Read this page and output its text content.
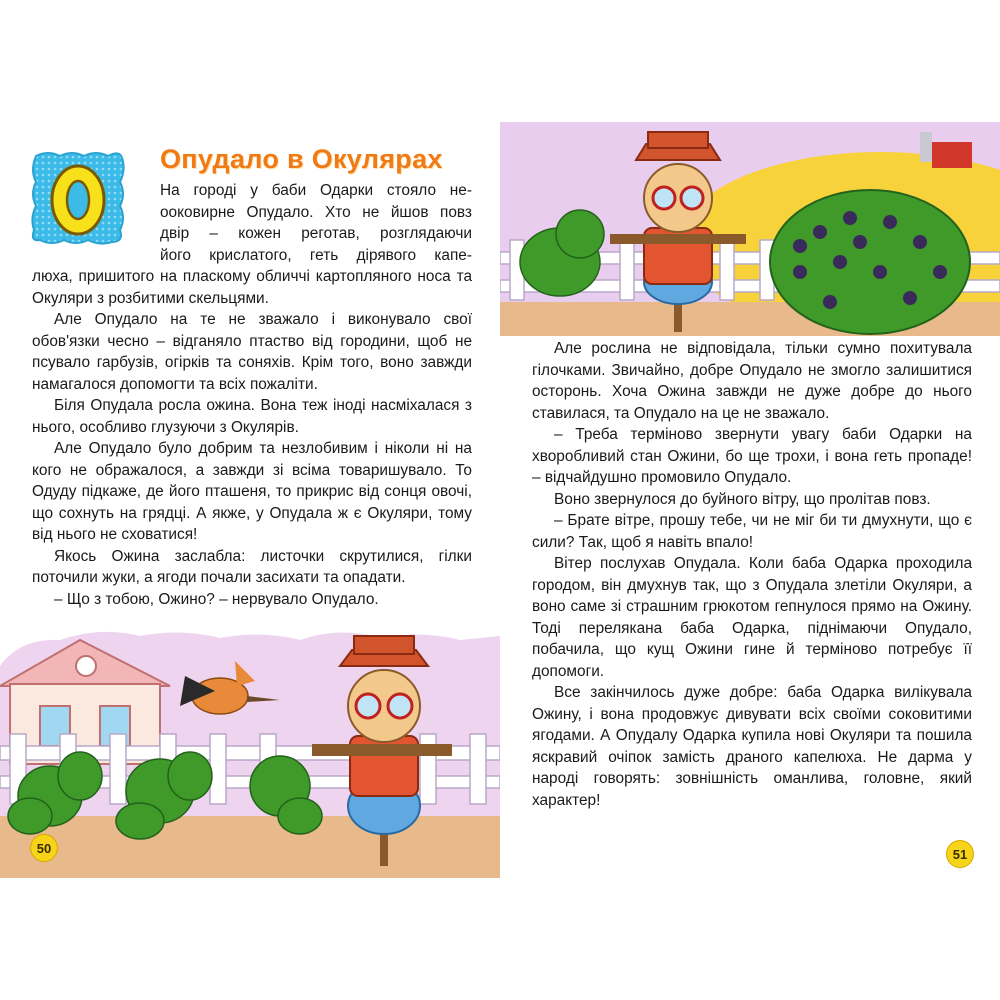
О	Опудало в Окулярах
На городі у баби Одарки стояло не-
ооковирне Опудало. Хто не йшов повз
двір – кожен реготав, розглядаючи
його крислатого, геть дірявого капе-

люха, пришитого на пласкому обличчі картопляного носа та Окуляри з розбитими скельцями.

Але Опудало на те не зважало і виконувало свої обов'язки чесно – відганяло птаство від городини, щоб не псувало гарбузів, огірків та соняхів. Крім того, воно завжди намагалося допомогти та всіх пожаліти.

Біля Опудала росла ожина. Вона теж іноді насміхалася з нього, особливо глузуючи з Окулярів.

Але Опудало було добрим та незлобивим і ніколи ні на кого не ображалося, а завжди зі всіма товаришувало. То Одуду підкаже, де його пташеня, то прикрис від сонця овочі, що сохнуть на грядці. А якже, у Опудала ж є Окуляри, тому від нього не сховатися!

Якось Ожина заслабла: листочки скрутилися, гілки поточили жуки, а ягоди почали засихати та опадати.

– Що з тобою, Ожино? – нервувало Опудало.

50

Але рослина не відповідала, тільки сумно похитувала гілочками. Звичайно, добре Опудало не змогло залишитися осторонь. Хоча Ожина завжди не дуже добре до нього ставилася, та Опудало на це не зважало.

– Треба терміново звернути увагу баби Одарки на хворобливий стан Ожини, бо ще трохи, і вона геть пропаде! – відчайдушно промовило Опудало.

Воно звернулося до буйного вітру, що пролітав повз.

– Брате вітре, прошу тебе, чи не міг би ти дмухнути, що є сили? Так, щоб я навіть впало!

Вітер послухав Опудала. Коли баба Одарка проходила городом, він дмухнув так, що з Опудала злетіли Окуляри, а воно саме зі страшним грюкотом гепнулося прямо на Ожину. Тоді переляканa баба Одарка, піднімаючи Опудало, побачила, що кущ Ожини гине й терміново потребує її допомоги.

Все закінчилось дуже добре: баба Одарка вилікувала Ожину, і вона продовжує дивувати всіх своїми соковитими ягодами. А Опудалу Одарка купила нові Окуляри та пошила яскравий очіпок замість драного капелюха. Не дарма у народі говорять: зовнішність оманлива, головне, який характер!

51
